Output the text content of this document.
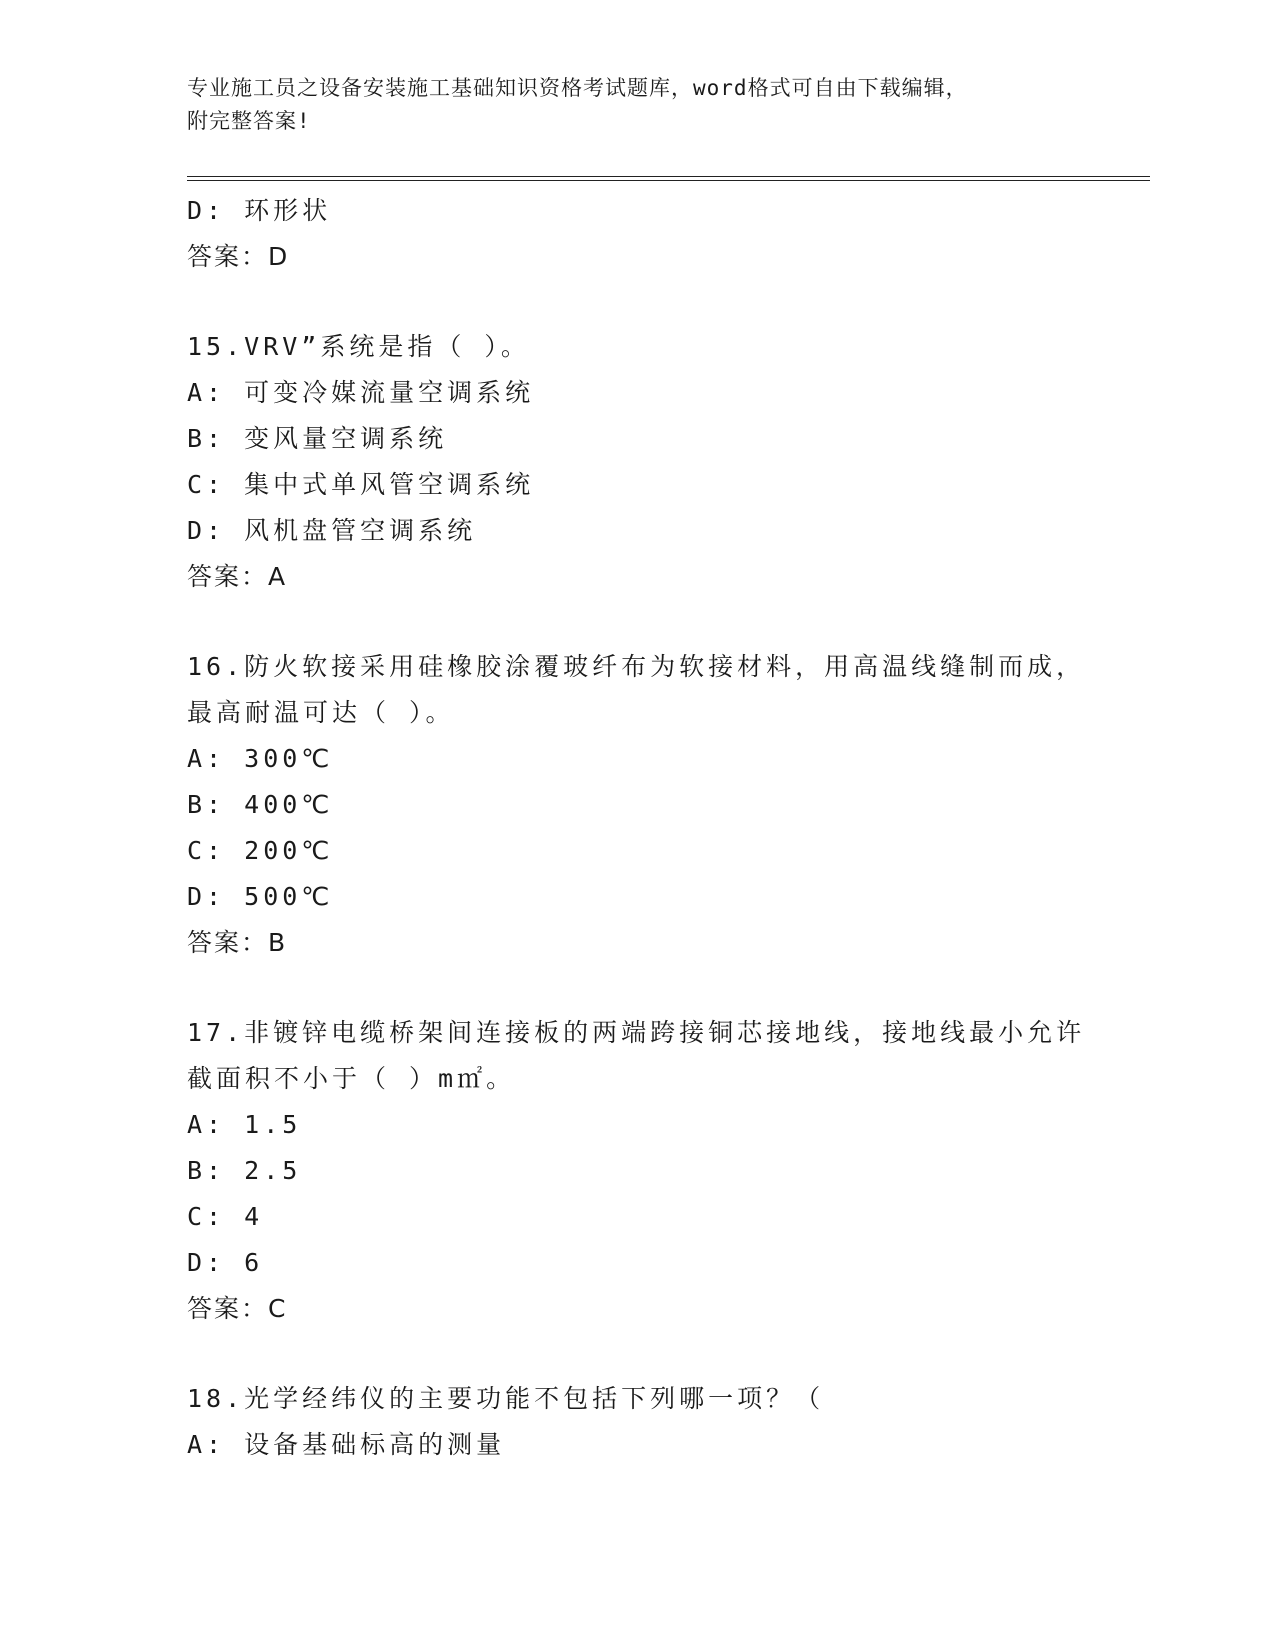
专业施工员之设备安装施工基础知识资格考试题库，word格式可自由下载编辑，
附完整答案!
D: 环形状
答案：D
15.VRV”系统是指（ ）。
A: 可变冷媒流量空调系统
B: 变风量空调系统
C: 集中式单风管空调系统
D: 风机盘管空调系统
答案：A
16.防火软接采用硅橡胶涂覆玻纤布为软接材料，用高温线缝制而成，
最高耐温可达（ ）。
A: 300℃
B: 400℃
C: 200℃
D: 500℃
答案：B
17.非镀锌电缆桥架间连接板的两端跨接铜芯接地线，接地线最小允许
截面积不小于（ ）m㎡。
A: 1.5
B: 2.5
C: 4
D: 6
答案：C
18.光学经纬仪的主要功能不包括下列哪一项？（
A: 设备基础标高的测量
